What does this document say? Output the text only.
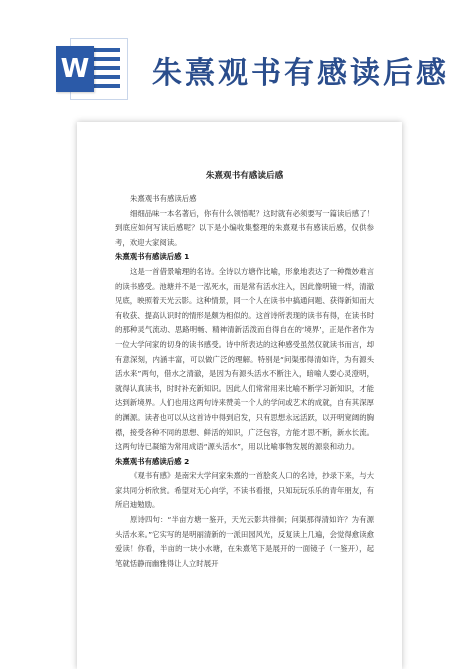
W 朱熹观书有感读后感
朱熹观书有感读后感

朱熹观书有感读后感

细细品味一本名著后，你有什么领悟呢？这时就有必须要写一篇读后感了！到底应如何写读后感呢？以下是小编收集整理的朱熹观书有感读后感，仅供参考，欢迎大家阅读。

朱熹观书有感读后感 1

这是一首借景喻理的名诗。全诗以方塘作比喻，形象地表达了一种微妙难言的读书感受。池塘并不是一泓死水，而是常有活水注入，因此像明镜一样，清澈见底，映照着天光云影。这种情景，同一个人在读书中搞通问题、获得新知而大有收获、提高认识时的情形是颇为相似的。这首诗所表现的读书有得，在读书时的那种灵气流动、思路明畅、精神清新活泼而自得自在的‘境界’，正是作者作为一位大学问家的切身的读书感受。诗中所表达的这种感受虽然仅就读书而言，却有意深刻，内涵丰富，可以做广泛的理解。特别是“问渠那得清如许，为有源头活水来”两句，借水之清澈，是因为有源头活水不断注入，暗喻人要心灵澄明，就得认真读书，时时补充新知识。因此人们常常用来比喻不断学习新知识，才能达到新境界。人们也用这两句诗来赞美一个人的学问或艺术的成就，自有其深厚的渊源。读者也可以从这首诗中得到启发，只有思想永远活跃，以开明宽阔的胸襟，接受各种不同的思想、鲜活的知识，广泛包容，方能才思不断，新水长流。这两句诗已凝缩为常用成语“源头活水”，用以比喻事物发展的源泉和动力。

朱熹观书有感读后感 2

《观书有感》是南宋大学问家朱熹的一首脍炙人口的名诗，抄录下来，与大家共同分析欣赏。希望对无心向学，不读书看报，只知玩玩乐乐的青年朋友，有所启迪勉励。

原诗四句：“半亩方塘一鉴开，天光云影共徘徊；问渠那得清如许？为有源头活水来。”它实写的是明丽清新的一派田园风光，反复读上几遍，会觉得愈读愈爱读！你看，半亩的一块小水塘，在朱熹笔下是展开的一面镜子（一鉴开），起笔就恬静而幽雅得让人立时展开
